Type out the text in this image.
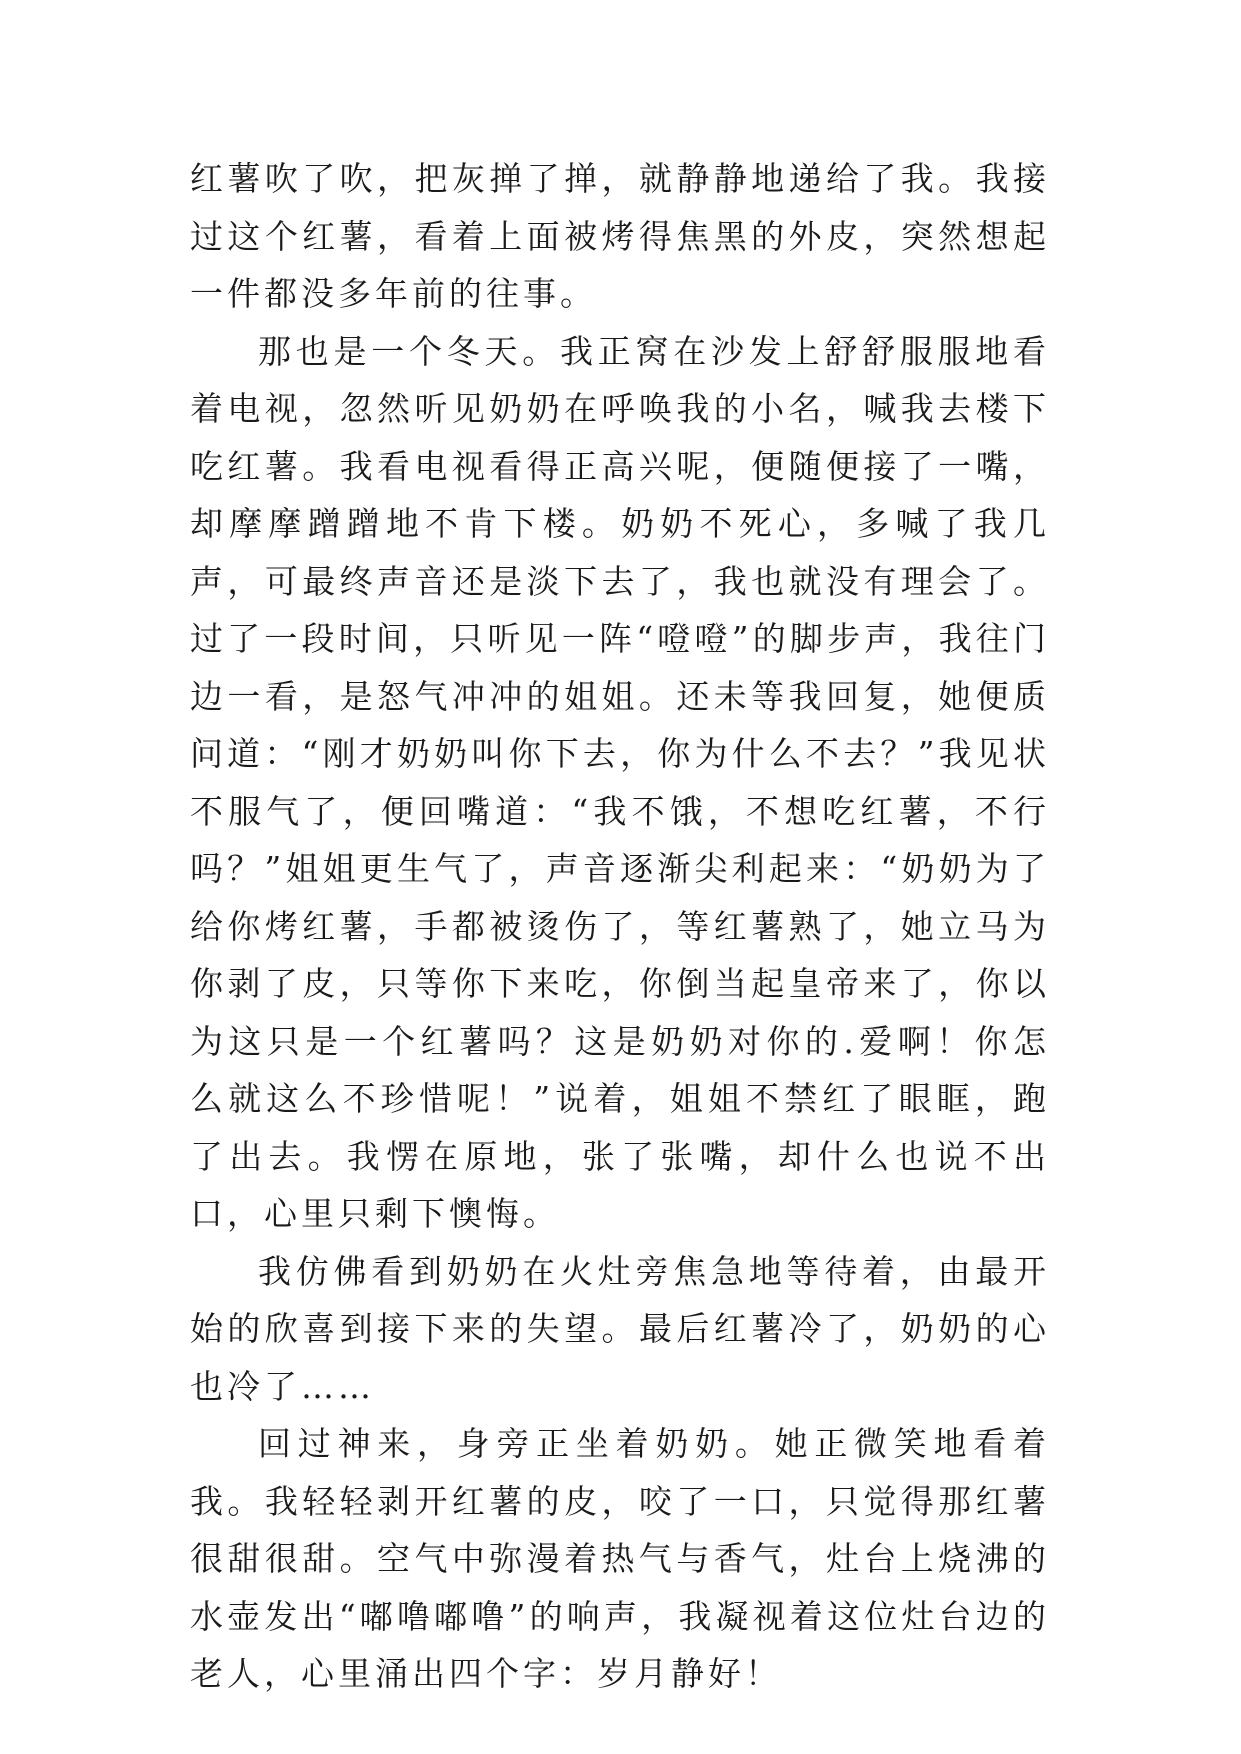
红薯吹了吹，把灰掸了掸，就静静地递给了我。我接过这个红薯，看着上面被烤得焦黑的外皮，突然想起一件都没多年前的往事。

那也是一个冬天。我正窝在沙发上舒舒服服地看着电视，忽然听见奶奶在呼唤我的小名，喊我去楼下吃红薯。我看电视看得正高兴呢，便随便接了一嘴，却摩摩蹭蹭地不肯下楼。奶奶不死心，多喊了我几声，可最终声音还是淡下去了，我也就没有理会了。过了一段时间，只听见一阵“噔噔”的脚步声，我往门边一看，是怒气冲冲的姐姐。还未等我回复，她便质问道：“刚才奶奶叫你下去，你为什么不去？”我见状不服气了，便回嘴道：“我不饿，不想吃红薯，不行吗？”姐姐更生气了，声音逐渐尖利起来：“奶奶为了给你烤红薯，手都被烫伤了，等红薯熟了，她立马为你剥了皮，只等你下来吃，你倒当起皇帝来了，你以为这只是一个红薯吗？这是奶奶对你的.爱啊！你怎么就这么不珍惜呢！”说着，姐姐不禁红了眼眶，跑了出去。我愣在原地，张了张嘴，却什么也说不出口，心里只剩下懊悔。

我仿佛看到奶奶在火灶旁焦急地等待着，由最开始的欣喜到接下来的失望。最后红薯冷了，奶奶的心也冷了……

回过神来，身旁正坐着奶奶。她正微笑地看着我。我轻轻剥开红薯的皮，咬了一口，只觉得那红薯很甜很甜。空气中弥漫着热气与香气，灶台上烧沸的水壶发出“嘟噜嘟噜”的响声，我凝视着这位灶台边的老人，心里涌出四个字：岁月静好！
